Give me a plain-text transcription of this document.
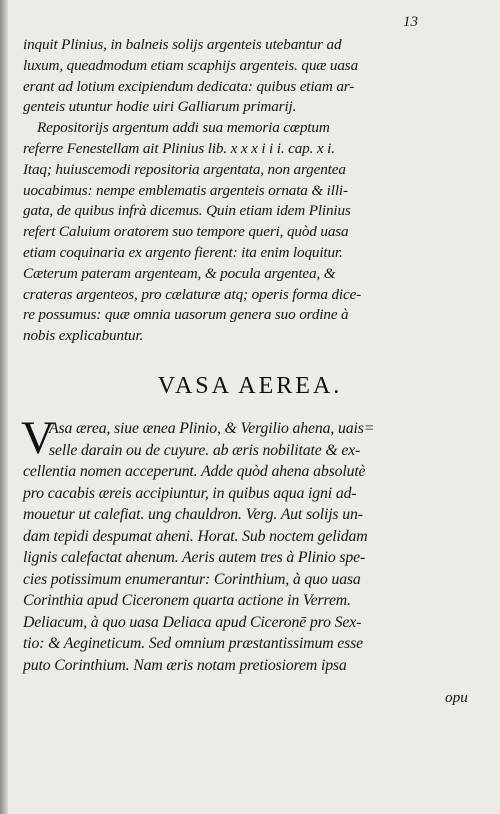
13
inquit Plinius, in balneis solijs argenteis utebantur ad
luxum, queadmodum etiam scaphijs argenteis. quæ uasa
erant ad lotium excipiendum dedicata: quibus etiam ar-
genteis utuntur hodie uiri Galliarum primarij.
Repositorijs argentum addi sua memoria cœptum
referre Fenestellam ait Plinius lib. x x x i i i. cap. x i.
Itaq; huiuscemodi repositoria argentata, non argentea
uocabimus: nempe emblematis argenteis ornata & illi-
gata, de quibus infrà dicemus. Quin etiam idem Plinius
refert Caluium oratorem suo tempore queri, quòd uasa
etiam coquinaria ex argento fierent: ita enim loquitur.
Cæterum pateram argenteam, & pocula argentea, &
crateras argenteos, pro cælaturæ atq; operis forma dice-
re possumus: quæ omnia uasorum genera suo ordine à
nobis explicabuntur.
VASA AEREA.
V
Asa ærea, siue ænea Plinio, & Vergilio ahena, uais=
selle darain ou de cuyure. ab æris nobilitate & ex-
cellentia nomen acceperunt. Adde quòd ahena absolutè
pro cacabis æreis accipiuntur, in quibus aqua igni ad-
mouetur ut calefiat. ung chauldron. Verg. Aut solijs un-
dam tepidi despumat aheni. Horat. Sub noctem gelidam
lignis calefactat ahenum. Aeris autem tres à Plinio spe-
cies potissimum enumerantur: Corinthium, à quo uasa
Corinthia apud Ciceronem quarta actione in Verrem.
Deliacum, à quo uasa Deliaca apud Ciceronē pro Sex-
tio: & Aegineticum. Sed omnium præstantissimum esse
puto Corinthium. Nam æris notam pretiosiorem ipsa
opu
